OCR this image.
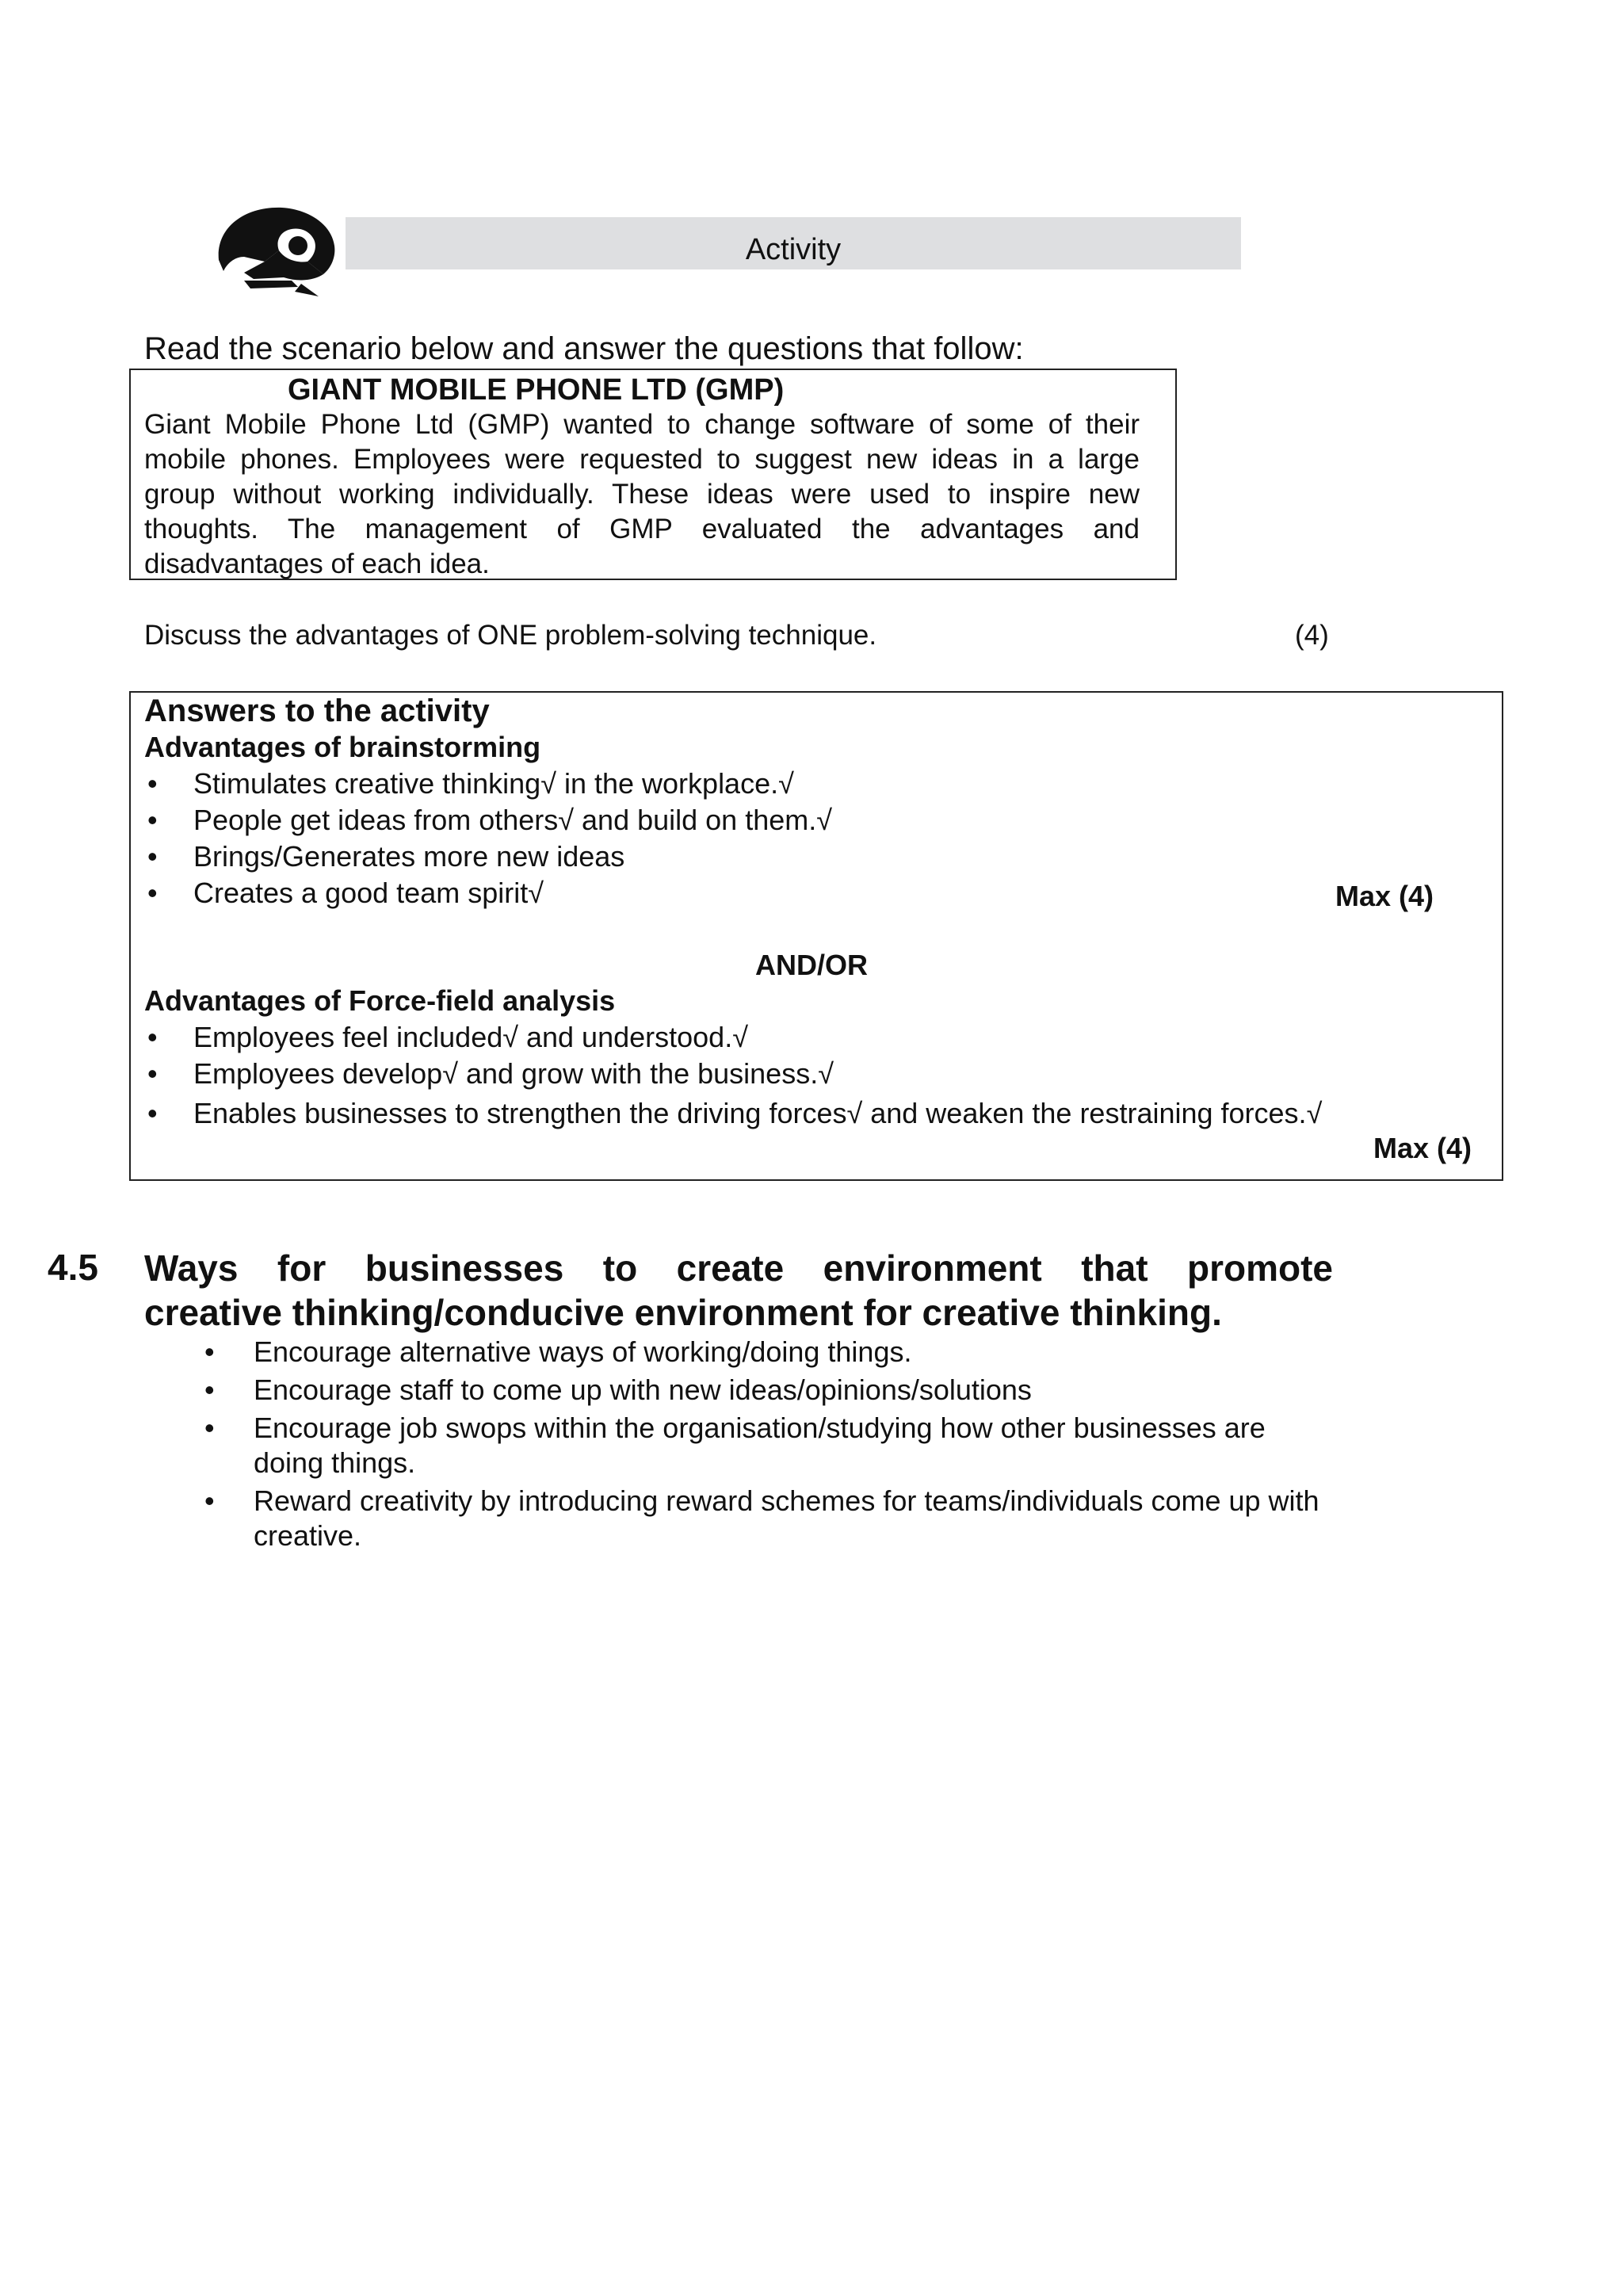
Activity
Read the scenario below and answer the questions that follow:
GIANT MOBILE PHONE LTD (GMP)
Giant Mobile Phone Ltd (GMP) wanted to change software of some of their mobile phones. Employees were requested to suggest new ideas in a large group without working individually. These ideas were used to inspire new thoughts. The management of GMP evaluated the advantages and disadvantages of each idea.
Discuss the advantages of ONE problem-solving technique.	(4)
Answers to the activity
Advantages of brainstorming
• Stimulates creative thinking√ in the workplace.√
• People get ideas from others√ and build on them.√
• Brings/Generates more new ideas
• Creates a good team spirit√	Max (4)
AND/OR
Advantages of Force-field analysis
• Employees feel included√ and understood.√
• Employees develop√ and grow with the business.√
• Enables businesses to strengthen the driving forces√ and weaken the restraining forces.√
Max (4)
4.5 Ways for businesses to create environment that promote
creative thinking/conducive environment for creative thinking.
• Encourage alternative ways of working/doing things.
• Encourage staff to come up with new ideas/opinions/solutions
• Encourage job swops within the organisation/studying how other businesses are doing things.
• Reward creativity by introducing reward schemes for teams/individuals come up with creative.
